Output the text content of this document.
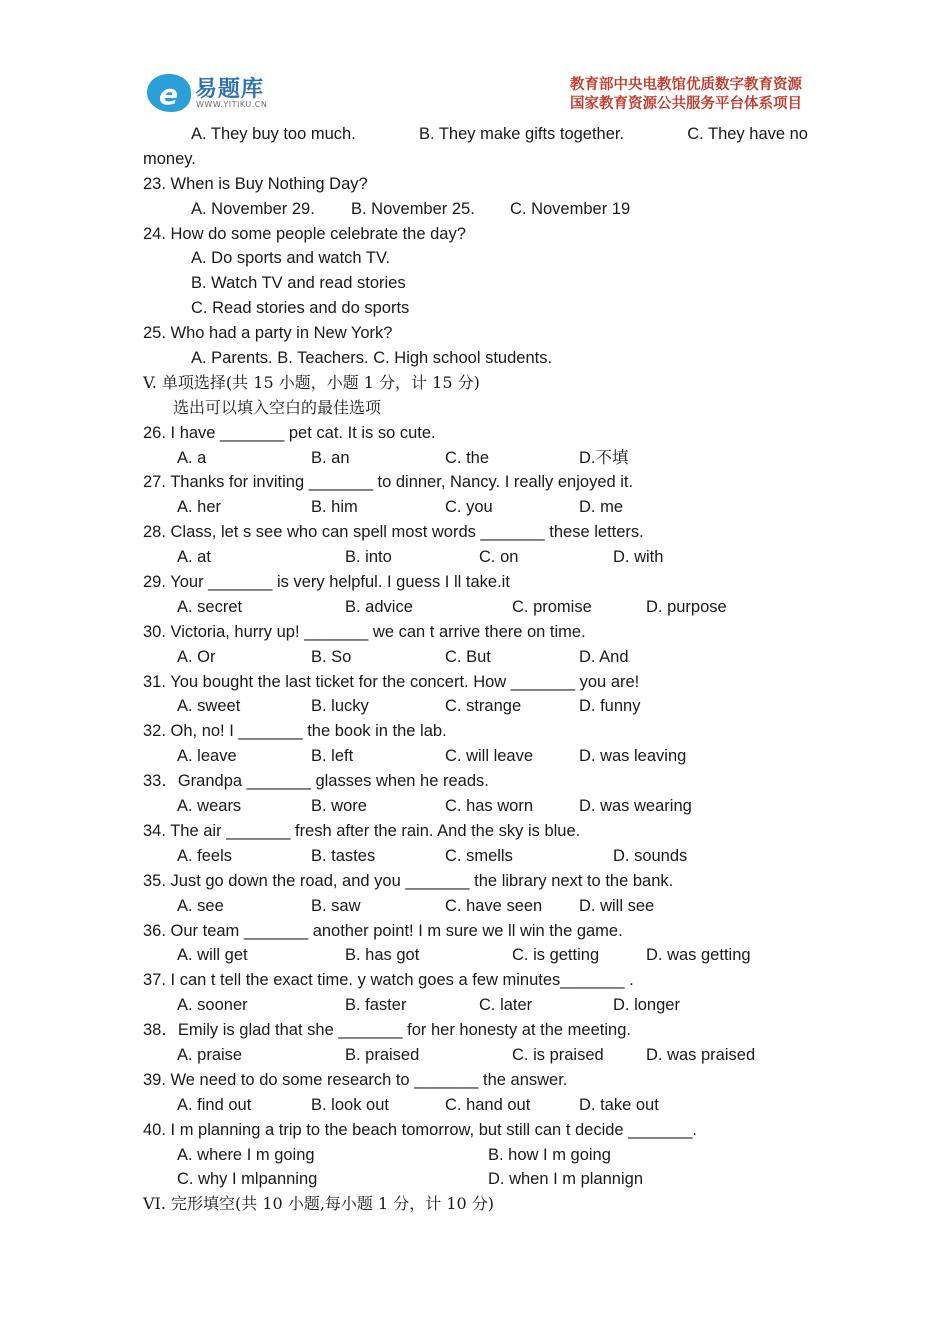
e 易题库
WWW.YITIKU.CN
教育部中央电教馆优质数字教育资源
国家教育资源公共服务平台体系项目
A. They buy too much.	B. They make gifts together.	C. They have no
money.
23. When is Buy Nothing Day?
A. November 29. B. November 25. C. November 19
24. How do some people celebrate the day?
A. Do sports and watch TV.
B. Watch TV and read stories
C. Read stories and do sports
25. Who had a party in New York?
A. Parents. B. Teachers. C. High school students.
V. 单项选择(共 15 小题，小题 1 分，计 15 分)
选出可以填入空白的最佳选项
26. I have _______ pet cat. It is so cute.
A. a	B. an	C. the	D.不填
27. Thanks for inviting _______ to dinner, Nancy. I really enjoyed it.
A. her	B. him	C. you	D. me
28. Class, let s see who can spell most words _______ these letters.
A. at	B. into	C. on	D. with
29. Your _______ is very helpful. I guess I ll take.it
A. secret	B. advice	C. promise	D. purpose
30. Victoria, hurry up! _______ we can t arrive there on time.
A. Or	B. So	C. But	D. And
31. You bought the last ticket for the concert. How _______ you are!
A. sweet	B. lucky	C. strange	D. funny
32. Oh, no! I _______ the book in the lab.
A. leave	B. left	C. will leave	D. was leaving
33．Grandpa _______ glasses when he reads.
A. wears	B. wore	C. has worn	D. was wearing
34. The air _______ fresh after the rain. And the sky is blue.
A. feels	B. tastes	C. smells	D. sounds
35. Just go down the road, and you _______ the library next to the bank.
A. see	B. saw	C. have seen D. will see
36. Our team _______ another point! I m sure we ll win the game.
A. will get	B. has got	C. is getting	D. was getting
37. I can t tell the exact time. y watch goes a few minutes_______ .
A. sooner	B. faster	C. later	D. longer
38．Emily is glad that she _______ for her honesty at the meeting.
A. praise	B. praised	C. is praised	D. was praised
39. We need to do some research to _______ the answer.
A. find out	B. look out	C. hand out	D. take out
40. I m planning a trip to the beach tomorrow, but still can t decide _______.
A. where I m going	B. how I m going
C. why I mlpanning	D. when I m plannign
VI. 完形填空(共 10 小题,每小题 1 分，计 10 分)
